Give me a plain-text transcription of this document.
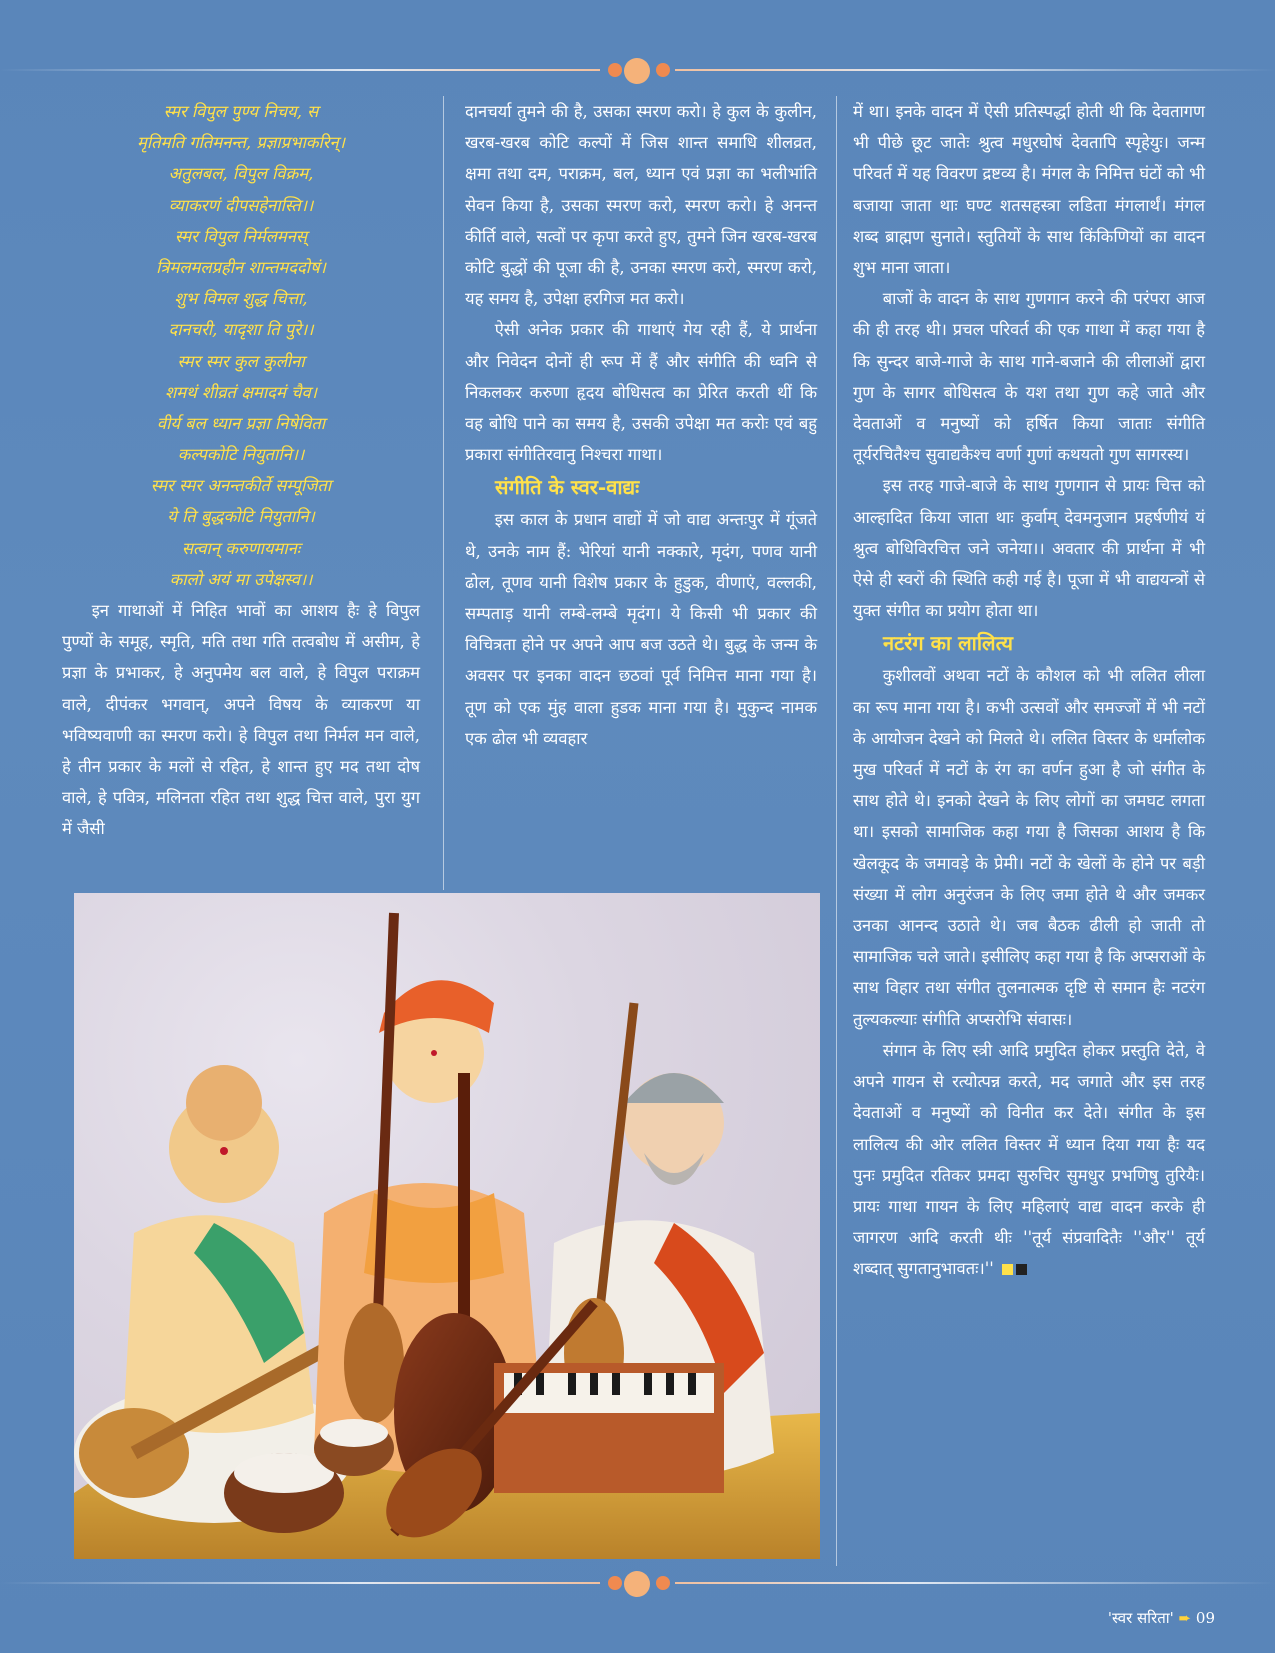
स्मर विपुल पुण्य निचय, स
मृतिमति गतिमनन्त, प्रज्ञाप्रभाकरिन्।
अतुलबल, विपुल विक्रम,
व्याकरणं दीपसहेनास्ति।।
स्मर विपुल निर्मलमनस्
त्रिमलमलप्रहीन शान्तमददोषं।
शुभ विमल शुद्ध चित्ता,
दानचरी, यादृशा ति पुरे।।
स्मर स्मर कुल कुलीना
शमथं शीव्रतं क्षमादमं चैव।
वीर्य बल ध्यान प्रज्ञा निषेविता
कल्पकोटि नियुतानि।।
स्मर स्मर अनन्तकीर्ते सम्पूजिता
ये ति बुद्धकोटि नियुतानि।
सत्वान् करुणायमानः
कालो अयं मा उपेक्षस्व।।

इन गाथाओं में निहित भावों का आशय हैः हे विपुल पुण्यों के समूह, स्मृति, मति तथा गति तत्वबोध में असीम, हे प्रज्ञा के प्रभाकर, हे अनुपमेय बल वाले, हे विपुल पराक्रम वाले, दीपंकर भगवान्, अपने विषय के व्याकरण या भविष्यवाणी का स्मरण करो। हे विपुल तथा निर्मल मन वाले, हे तीन प्रकार के मलों से रहित, हे शान्त हुए मद तथा दोष वाले, हे पवित्र, मलिनता रहित तथा शुद्ध चित्त वाले, पुरा युग में जैसी

दानचर्या तुमने की है, उसका स्मरण करो। हे कुल के कुलीन, खरब-खरब कोटि कल्पों में जिस शान्त समाधि शीलव्रत, क्षमा तथा दम, पराक्रम, बल, ध्यान एवं प्रज्ञा का भलीभांति सेवन किया है, उसका स्मरण करो, स्मरण करो। हे अनन्त कीर्ति वाले, सत्वों पर कृपा करते हुए, तुमने जिन खरब-खरब कोटि बुद्धों की पूजा की है, उनका स्मरण करो, स्मरण करो, यह समय है, उपेक्षा हरगिज मत करो।

ऐसी अनेक प्रकार की गाथाएं गेय रही हैं, ये प्रार्थना और निवेदन दोनों ही रूप में हैं और संगीति की ध्वनि से निकलकर करुणा हृदय बोधिसत्व का प्रेरित करती थीं कि वह बोधि पाने का समय है, उसकी उपेक्षा मत करोः एवं बहु प्रकारा संगीतिरवानु निश्चरा गाथा।

संगीति के स्वर-वाद्यः

इस काल के प्रधान वाद्यों में जो वाद्य अन्तःपुर में गूंजते थे, उनके नाम हैं: भेरियां यानी नक्कारे, मृदंग, पणव यानी ढोल, तूणव यानी विशेष प्रकार के हुडुक, वीणाएं, वल्लकी, सम्पताड़ यानी लम्बे-लम्बे मृदंग। ये किसी भी प्रकार की विचित्रता होने पर अपने आप बज उठते थे। बुद्ध के जन्म के अवसर पर इनका वादन छठवां पूर्व निमित्त माना गया है। तूण को एक मुंह वाला हुडक माना गया है। मुकुन्द नामक एक ढोल भी व्यवहार

में था। इनके वादन में ऐसी प्रतिस्पर्द्धा होती थी कि देवतागण भी पीछे छूट जातेः श्रुत्व मधुरघोषं देवतापि स्पृहेयुः। जन्म परिवर्त में यह विवरण द्रष्टव्य है। मंगल के निमित्त घंटों को भी बजाया जाता थाः घण्ट शतसहस्त्रा लडिता मंगलार्थं। मंगल शब्द ब्राह्मण सुनाते। स्तुतियों के साथ किंकिणियों का वादन शुभ माना जाता।

बाजों के वादन के साथ गुणगान करने की परंपरा आज की ही तरह थी। प्रचल परिवर्त की एक गाथा में कहा गया है कि सुन्दर बाजे-गाजे के साथ गाने-बजाने की लीलाओं द्वारा गुण के सागर बोधिसत्व के यश तथा गुण कहे जाते और देवताओं व मनुष्यों को हर्षित किया जाताः संगीति तूर्यरचितैश्च सुवाद्यकैश्च वर्णा गुणां कथयतो गुण सागरस्य।

इस तरह गाजे-बाजे के साथ गुणगान से प्रायः चित्त को आल्हादित किया जाता थाः कुर्वाम् देवमनुजान प्रहर्षणीयं यं श्रुत्व बोधिविरचित्त जने जनेया।। अवतार की प्रार्थना में भी ऐसे ही स्वरों की स्थिति कही गई है। पूजा में भी वाद्ययन्त्रों से युक्त संगीत का प्रयोग होता था।

नटरंग का लालित्य

कुशीलवों अथवा नटों के कौशल को भी ललित लीला का रूप माना गया है। कभी उत्सवों और समज्जों में भी नटों के आयोजन देखने को मिलते थे। ललित विस्तर के धर्मालोक मुख परिवर्त में नटों के रंग का वर्णन हुआ है जो संगीत के साथ होते थे। इनको देखने के लिए लोगों का जमघट लगता था। इसको सामाजिक कहा गया है जिसका आशय है कि खेलकूद के जमावड़े के प्रेमी। नटों के खेलों के होने पर बड़ी संख्या में लोग अनुरंजन के लिए जमा होते थे और जमकर उनका आनन्द उठाते थे। जब बैठक ढीली हो जाती तो सामाजिक चले जाते। इसीलिए कहा गया है कि अप्सराओं के साथ विहार तथा संगीत तुलनात्मक दृष्टि से समान हैः नटरंग तुल्यकल्याः संगीति अप्सरोभि संवासः।

संगान के लिए स्त्री आदि प्रमुदित होकर प्रस्तुति देते, वे अपने गायन से रत्योत्पन्न करते, मद जगाते और इस तरह देवताओं व मनुष्यों को विनीत कर देते। संगीत के इस लालित्य की ओर ललित विस्तर में ध्यान दिया गया हैः यद पुनः प्रमुदित रतिकर प्रमदा सुरुचिर सुमधुर प्रभणिषु तुरियैः। प्रायः गाथा गायन के लिए महिलाएं वाद्य वादन करके ही जागरण आदि करती थीः ''तूर्य संप्रवादितैः ''और'' तूर्य शब्दात् सुगतानुभावतः।''

'स्वर सरिता' ➨ 09
